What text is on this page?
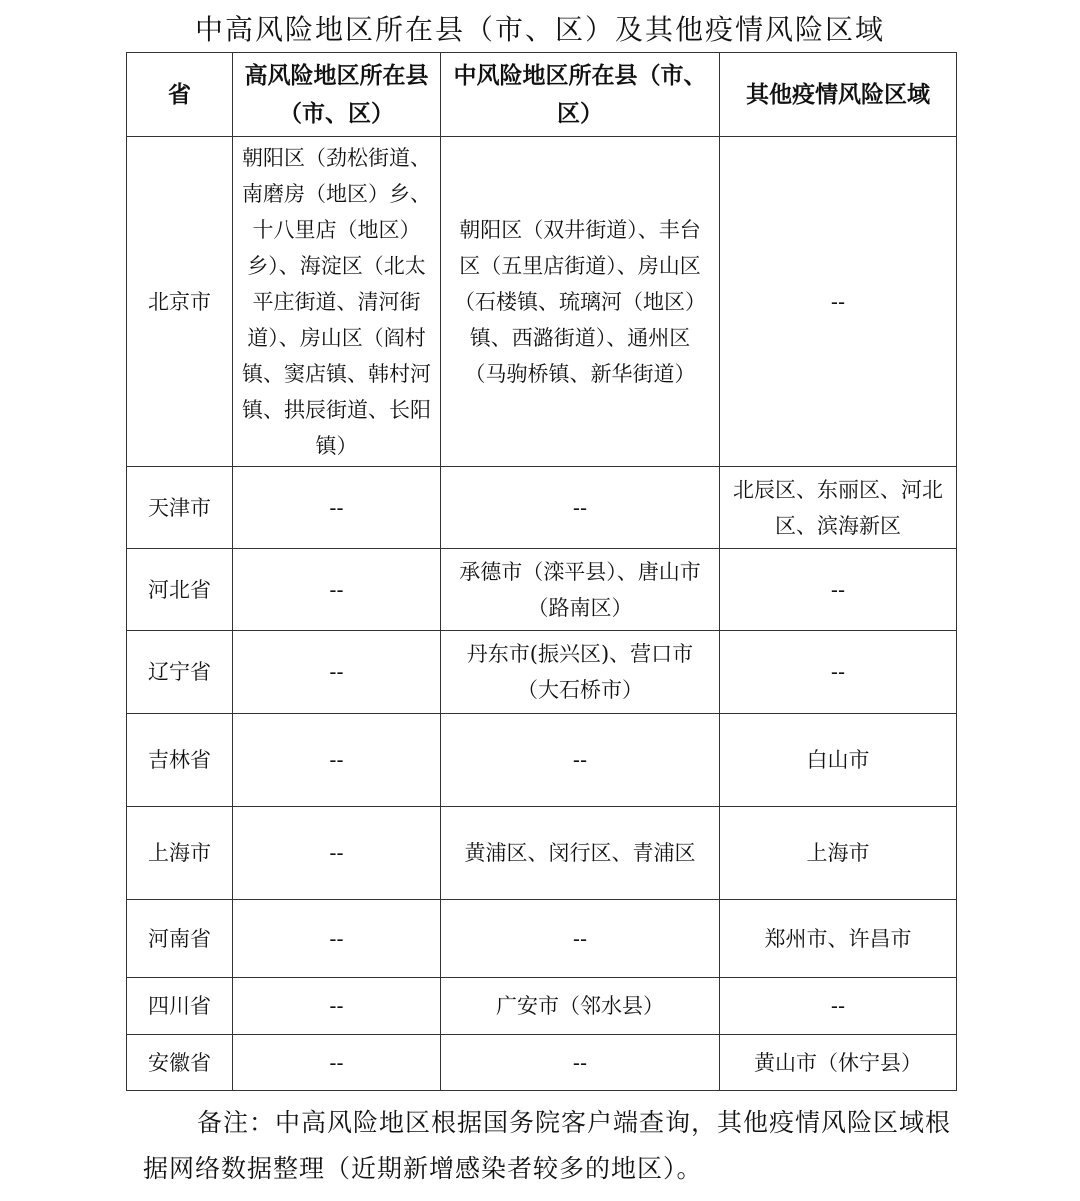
中高风险地区所在县（市、区）及其他疫情风险区域
省	高风险地区所在县（市、区）	中风险地区所在县（市、区）	其他疫情风险区域
北京市	朝阳区（劲松街道、南磨房（地区）乡、十八里店（地区）乡）、海淀区（北太平庄街道、清河街道）、房山区（阎村镇、窦店镇、韩村河镇、拱辰街道、长阳镇）	朝阳区（双井街道）、丰台区（五里店街道）、房山区（石楼镇、琉璃河（地区）镇、西潞街道）、通州区（马驹桥镇、新华街道）	--
天津市	--	--	北辰区、东丽区、河北区、滨海新区
河北省	--	承德市（滦平县）、唐山市（路南区）	--
辽宁省	--	丹东市(振兴区)、营口市（大石桥市）	--
吉林省	--	--	白山市
上海市	--	黄浦区、闵行区、青浦区	上海市
河南省	--	--	郑州市、许昌市
四川省	--	广安市（邻水县）	--
安徽省	--	--	黄山市（休宁县）
备注：中高风险地区根据国务院客户端查询，其他疫情风险区域根据网络数据整理（近期新增感染者较多的地区）。
